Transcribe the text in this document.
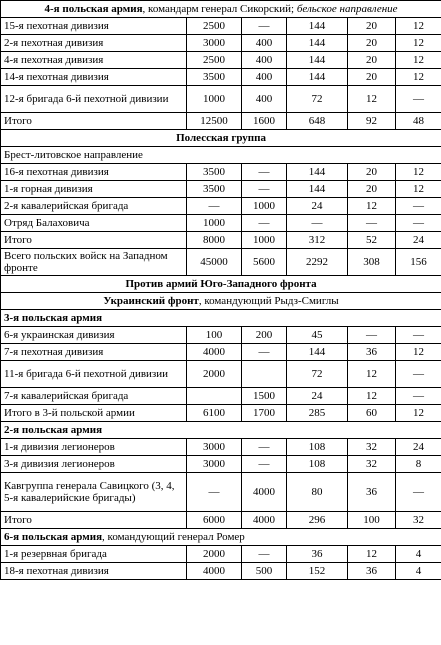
4-я польская армия, командарм генерал Сикорский; бельское направление					
15-я пехотная дивизия	2500	—	144	20	12
2-я пехотная дивизия	3000	400	144	20	12
4-я пехотная дивизия	2500	400	144	20	12
14-я пехотная дивизия	3500	400	144	20	12
12-я бригада 6-й пехотной дивизии	1000	400	72	12	—
Итого	12500	1600	648	92	48
Полесская группа					
Брест-литовское направление					
16-я пехотная дивизия	3500	—	144	20	12
1-я горная дивизия	3500	—	144	20	12
2-я кавалерийская бригада	—	1000	24	12	—
Отряд Балаховича	1000	—	—	—	—
Итого	8000	1000	312	52	24
Всего польских войск на Западном фронте	45000	5600	2292	308	156
Против армий Юго-Западного фронта					
Украинский фронт, командующий Рыдз-Смиглы					
3-я польская армия					
6-я украинская дивизия	100	200	45	—	—
7-я пехотная дивизия	4000	—	144	36	12
11-я бригада 6-й пехотной дивизии	2000		72	12	—
7-я кавалерийская бригада		1500	24	12	—
Итого в 3-й польской армии	6100	1700	285	60	12
2-я польская армия					
1-я дивизия легионеров	3000	—	108	32	24
3-я дивизия легионеров	3000	—	108	32	8
Кавгруппа генерала Савицкого (3, 4, 5-я кавалерийские бригады)	—	4000	80	36	—
Итого	6000	4000	296	100	32
6-я польская армия, командующий генерал Ромер					
1-я резервная бригада	2000	—	36	12	4
18-я пехотная дивизия	4000	500	152	36	4
